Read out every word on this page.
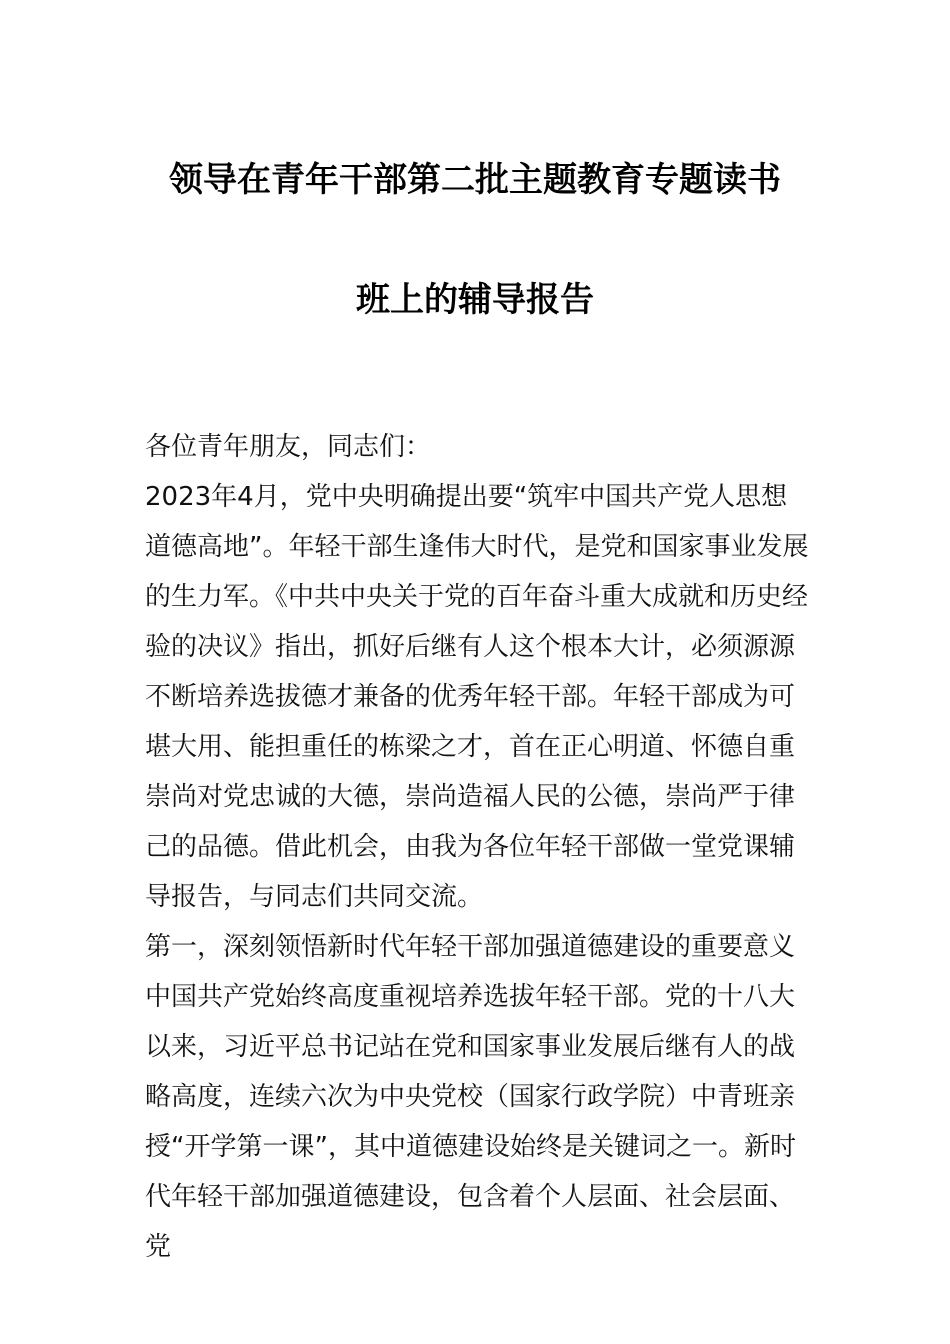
领导在青年干部第二批主题教育专题读书
班上的辅导报告

各位青年朋友，同志们：

2023年4月，党中央明确提出要“筑牢中国共产党人思想道德高地”。年轻干部生逢伟大时代，是党和国家事业发展的生力军。《中共中央关于党的百年奋斗重大成就和历史经验的决议》指出，抓好后继有人这个根本大计，必须源源不断培养选拔德才兼备的优秀年轻干部。年轻干部成为可堪大用、能担重任的栋梁之才，首在正心明道、怀德自重崇尚对党忠诚的大德，崇尚造福人民的公德，崇尚严于律己的品德。借此机会，由我为各位年轻干部做一堂党课辅导报告，与同志们共同交流。

第一，深刻领悟新时代年轻干部加强道德建设的重要意义

中国共产党始终高度重视培养选拔年轻干部。党的十八大以来，习近平总书记站在党和国家事业发展后继有人的战略高度，连续六次为中央党校（国家行政学院）中青班亲授“开学第一课”，其中道德建设始终是关键词之一。新时代年轻干部加强道德建设，包含着个人层面、社会层面、党
